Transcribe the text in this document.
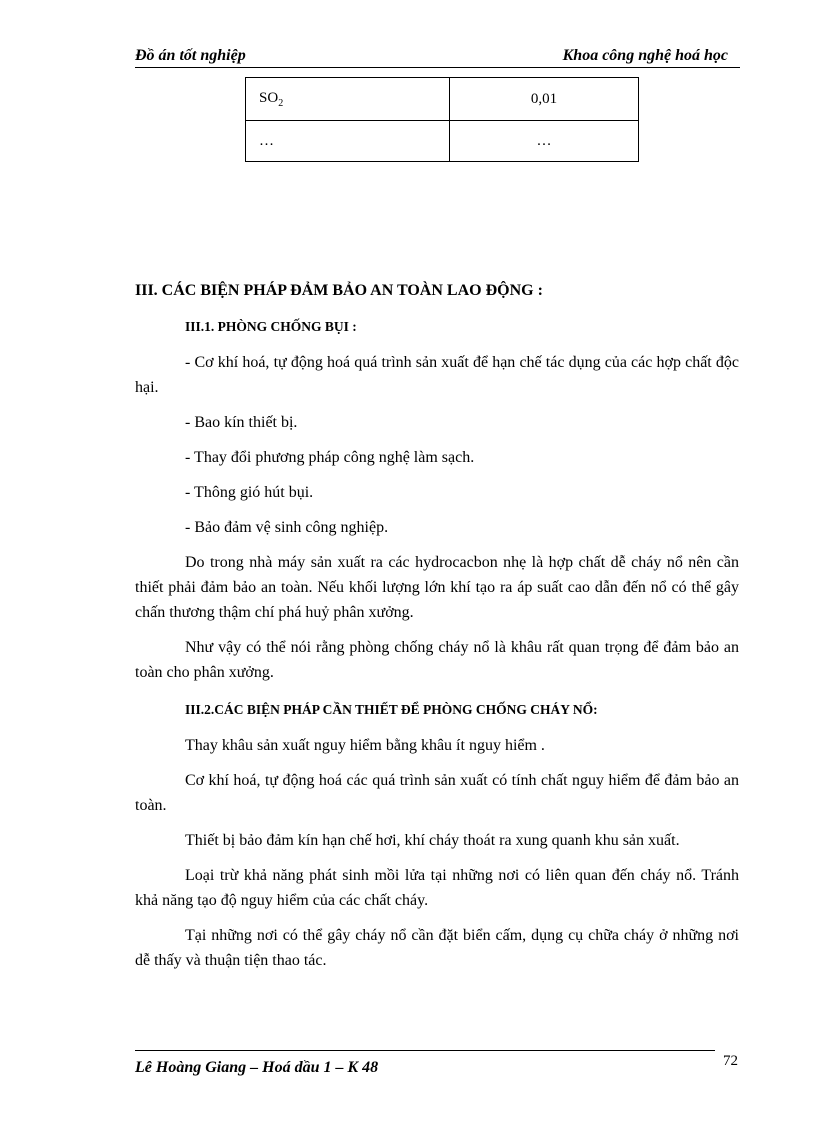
Đồ án tốt nghiệp	Khoa công nghệ hoá học
$SO_2$	0,01
…	…

III. CÁC BIỆN PHÁP ĐẢM BẢO AN TOÀN LAO ĐỘNG :

III.1. PHÒNG CHỐNG BỤI :

- Cơ khí hoá, tự động hoá quá trình sản xuất để hạn chế tác dụng của các hợp chất độc hại.

- Bao kín thiết bị.
- Thay đổi phương pháp công nghệ làm sạch.
- Thông gió hút bụi.
- Bảo đảm vệ sinh công nghiệp.

Do trong nhà máy sản xuất ra các hydrocacbon nhẹ là hợp chất dễ cháy nổ nên cần thiết phải đảm bảo an toàn. Nếu khối lượng lớn khí tạo ra áp suất cao dẫn đến nổ có thể gây chấn thương thậm chí phá huỷ phân xưởng.

Như vậy có thể nói rằng phòng chống cháy nổ là khâu rất quan trọng để đảm bảo an toàn cho phân xưởng.

III.2.CÁC BIỆN PHÁP CẦN THIẾT ĐỂ PHÒNG CHỐNG CHÁY NỔ:

Thay khâu sản xuất nguy hiểm bằng khâu ít nguy hiểm .

Cơ khí hoá, tự động hoá các quá trình sản xuất có tính chất nguy hiểm để đảm bảo an toàn.

Thiết bị bảo đảm kín hạn chế hơi, khí cháy thoát ra xung quanh khu sản xuất.

Loại trừ khả năng phát sinh mồi lửa tại những nơi có liên quan đến cháy nổ. Tránh khả năng tạo độ nguy hiểm của các chất cháy.

Tại những nơi có thể gây cháy nổ cần đặt biển cấm, dụng cụ chữa cháy ở những nơi dễ thấy và thuận tiện thao tác.

Lê Hoàng Giang – Hoá dầu 1 – K 48	72
